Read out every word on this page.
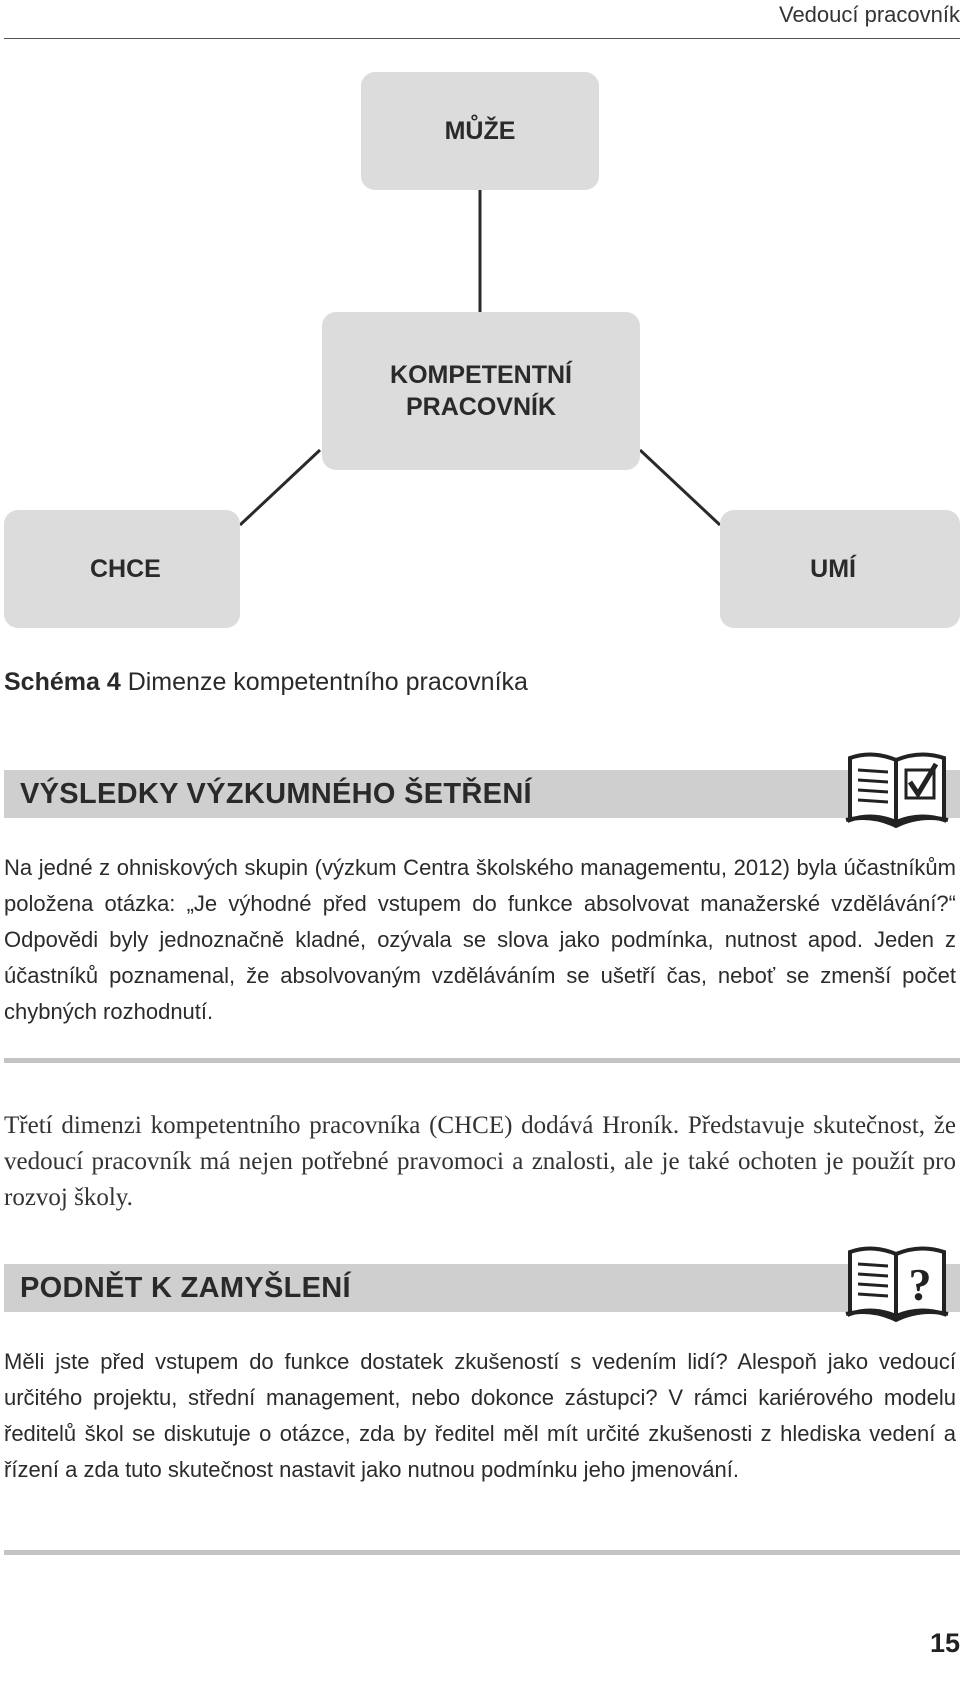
Vedoucí pracovník
MŮŽE
KOMPETENTNÍ PRACOVNÍK
CHCE	UMÍ
Schéma 4 Dimenze kompetentního pracovníka
VÝSLEDKY VÝZKUMNÉHO ŠETŘENÍ
Na jedné z ohniskových skupin (výzkum Centra školského managementu, 2012) byla účastníkům položena otázka: „Je výhodné před vstupem do funkce absolvovat manažerské vzdělávání?“ Odpovědi byly jednoznačně kladné, ozývala se slova jako podmínka, nutnost apod. Jeden z účastníků poznamenal, že absolvovaným vzděláváním se ušetří čas, neboť se zmenší počet chybných rozhodnutí.
Třetí dimenzi kompetentního pracovníka (CHCE) dodává Hroník. Představuje skutečnost, že vedoucí pracovník má nejen potřebné pravomoci a znalosti, ale je také ochoten je použít pro rozvoj školy.
PODNĚT K ZAMYŠLENÍ	?
Měli jste před vstupem do funkce dostatek zkušeností s vedením lidí? Alespoň jako vedoucí určitého projektu, střední management, nebo dokonce zástupci? V rámci kariérového modelu ředitelů škol se diskutuje o otázce, zda by ředitel měl mít určité zkušenosti z hlediska vedení a řízení a zda tuto skutečnost nastavit jako nutnou podmínku jeho jmenování.
15
